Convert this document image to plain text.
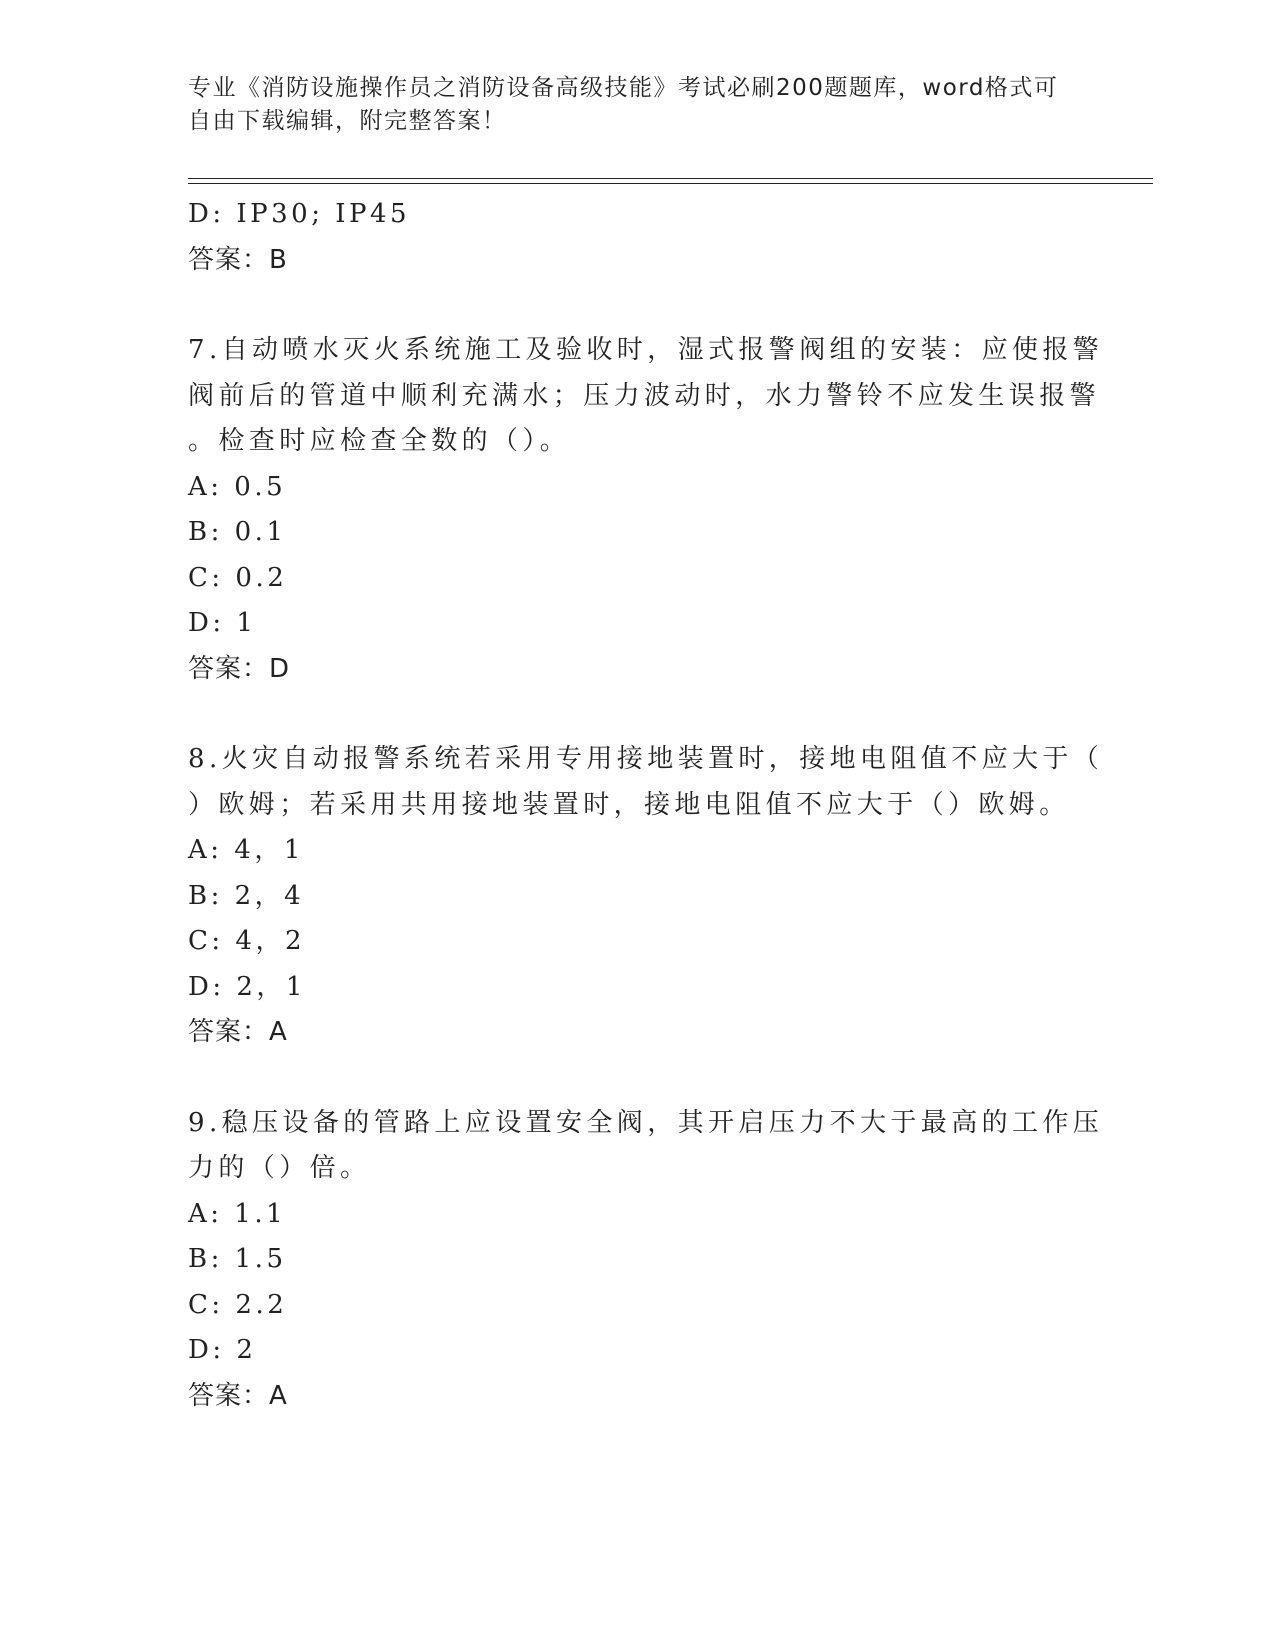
专业《消防设施操作员之消防设备高级技能》考试必刷200题题库，word格式可
自由下载编辑，附完整答案！
D: IP30; IP45
答案：B
7.自动喷水灭火系统施工及验收时，湿式报警阀组的安装：应使报警
阀前后的管道中顺利充满水；压力波动时，水力警铃不应发生误报警
。检查时应检查全数的（）。
A: 0.5
B: 0.1
C: 0.2
D: 1
答案：D
8.火灾自动报警系统若采用专用接地装置时，接地电阻值不应大于（
）欧姆；若采用共用接地装置时，接地电阻值不应大于（）欧姆。
A: 4，1
B: 2，4
C: 4，2
D: 2，1
答案：A
9.稳压设备的管路上应设置安全阀，其开启压力不大于最高的工作压
力的（）倍。
A: 1.1
B: 1.5
C: 2.2
D: 2
答案：A
